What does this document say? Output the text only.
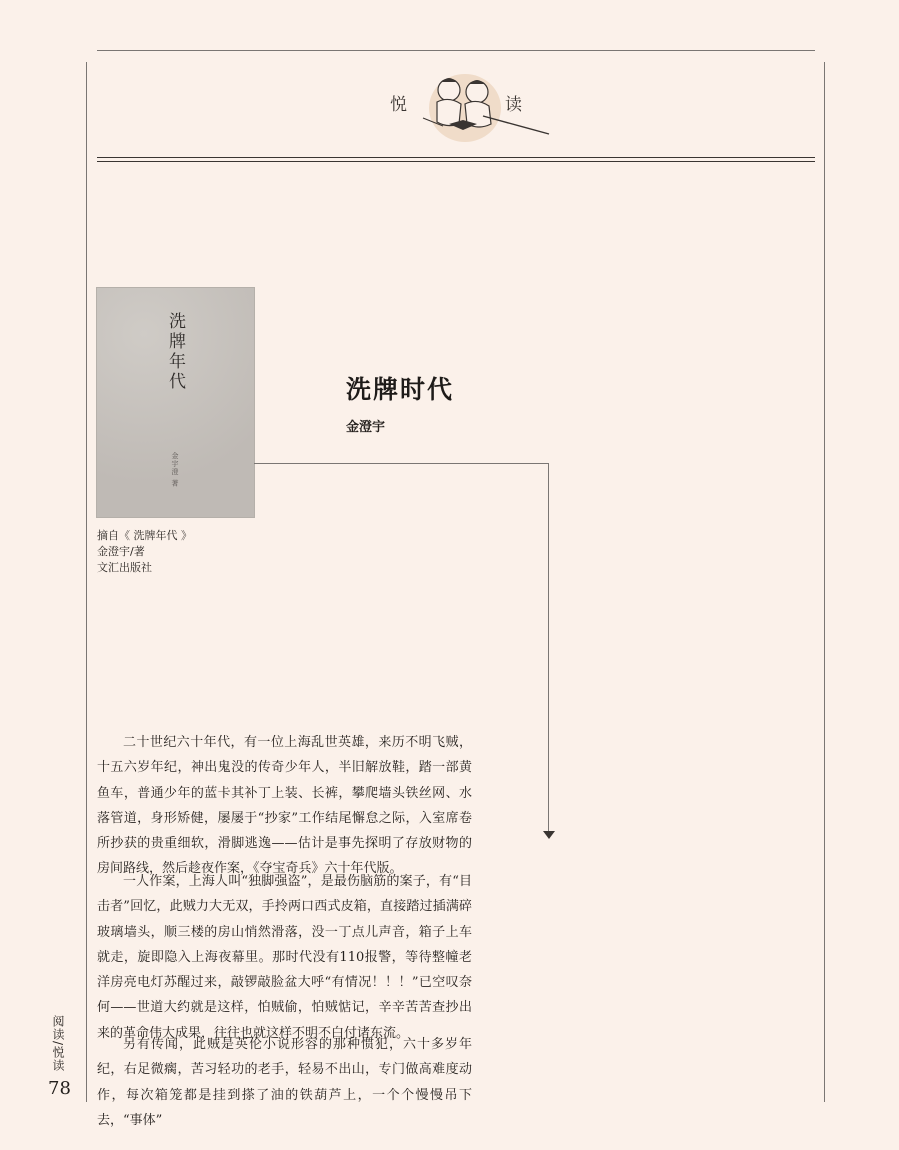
悦	读
洗牌年代
金宇澄 著
摘自《 洗牌年代 》
金澄宇/著
文汇出版社
洗牌时代
金澄宇
二十世纪六十年代，有一位上海乱世英雄，来历不明飞贼，十五六岁年纪，神出鬼没的传奇少年人，半旧解放鞋，踏一部黄鱼车，普通少年的蓝卡其补丁上装、长裤，攀爬墙头铁丝网、水落管道，身形矫健，屡屡于“抄家”工作结尾懈怠之际，入室席卷所抄获的贵重细软，滑脚逃逸——估计是事先探明了存放财物的房间路线，然后趁夜作案，《夺宝奇兵》六十年代版。
一人作案，上海人叫“独脚强盗”，是最伤脑筋的案子，有“目击者”回忆，此贼力大无双，手拎两口西式皮箱，直接踏过插满碎玻璃墙头，顺三楼的房山悄然滑落，没一丁点儿声音，箱子上车就走，旋即隐入上海夜幕里。那时代没有110报警，等待整幢老洋房亮电灯苏醒过来，敲锣敲脸盆大呼“有情况！！！”已空叹奈何——世道大约就是这样，怕贼偷，怕贼惦记，辛辛苦苦查抄出来的革命伟大成果，往往也就这样不明不白付诸东流。
另有传闻，此贼是英伦小说形容的那种惯犯，六十多岁年纪，右足微瘸，苦习轻功的老手，轻易不出山，专门做高难度动作，每次箱笼都是挂到搽了油的铁葫芦上，一个个慢慢吊下去，“事体”
阅读/悦读
78
